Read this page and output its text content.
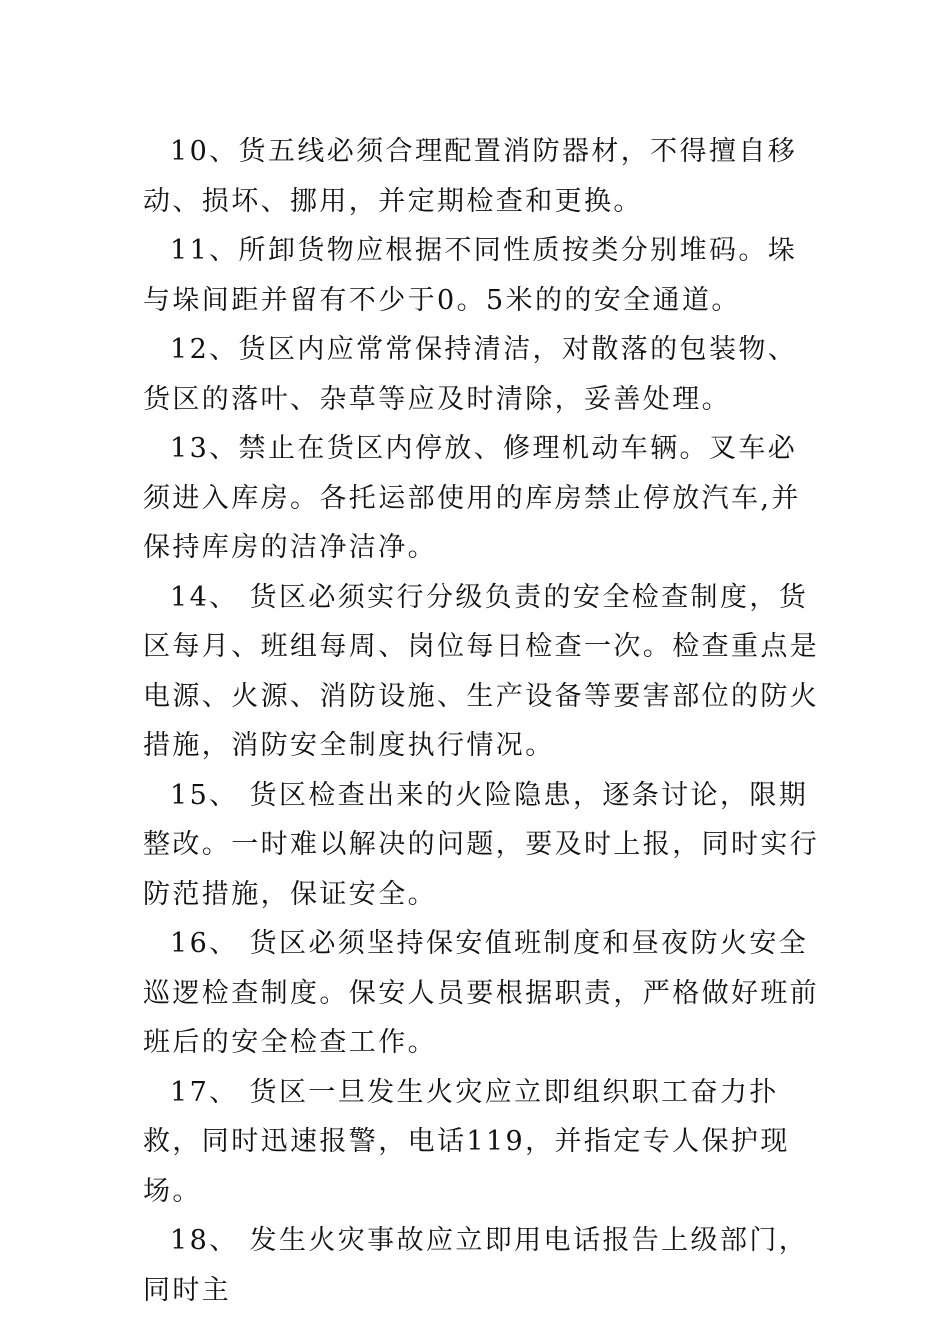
10、货五线必须合理配置消防器材，不得擅自移动、损坏、挪用，并定期检查和更换。

11、所卸货物应根据不同性质按类分别堆码。垛与垛间距并留有不少于0。5米的的安全通道。

12、货区内应常常保持清洁，对散落的包装物、货区的落叶、杂草等应及时清除，妥善处理。

13、禁止在货区内停放、修理机动车辆。叉车必须进入库房。各托运部使用的库房禁止停放汽车,并保持库房的洁净洁净。

14、 货区必须实行分级负责的安全检查制度，货区每月、班组每周、岗位每日检查一次。检查重点是电源、火源、消防设施、生产设备等要害部位的防火措施，消防安全制度执行情况。

15、 货区检查出来的火险隐患，逐条讨论，限期整改。一时难以解决的问题，要及时上报，同时实行防范措施，保证安全。

16、 货区必须坚持保安值班制度和昼夜防火安全巡逻检查制度。保安人员要根据职责，严格做好班前班后的安全检查工作。

17、 货区一旦发生火灾应立即组织职工奋力扑救，同时迅速报警，电话119，并指定专人保护现场。

18、 发生火灾事故应立即用电话报告上级部门，同时主
